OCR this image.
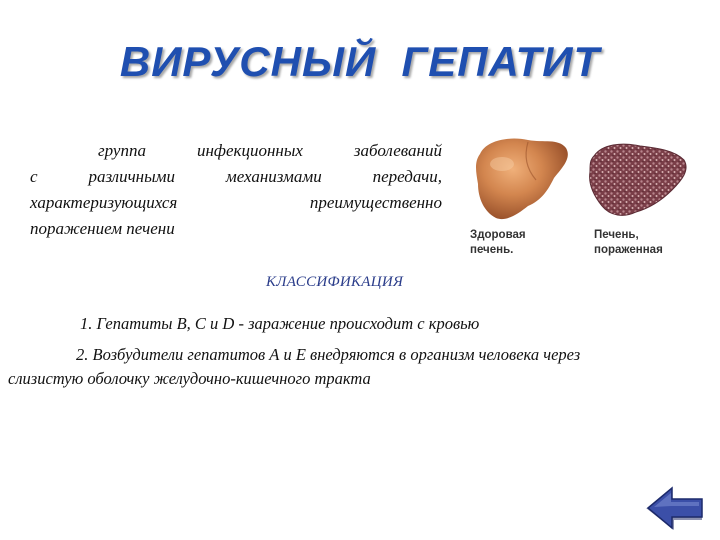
ВИРУСНЫЙ  ГЕПАТИТ
группа инфекционных заболеваний
с различными механизмами передачи,
характеризующихся преимущественно
поражением печени	Здоровая
печень.
Печень,
пораженная
КЛАССИФИКАЦИЯ
1. Гепатиты В, С и D - заражение происходит с кровью
2. Возбудители гепатитов А и Е внедряются в организм человека через
слизистую оболочку желудочно-кишечного тракта
